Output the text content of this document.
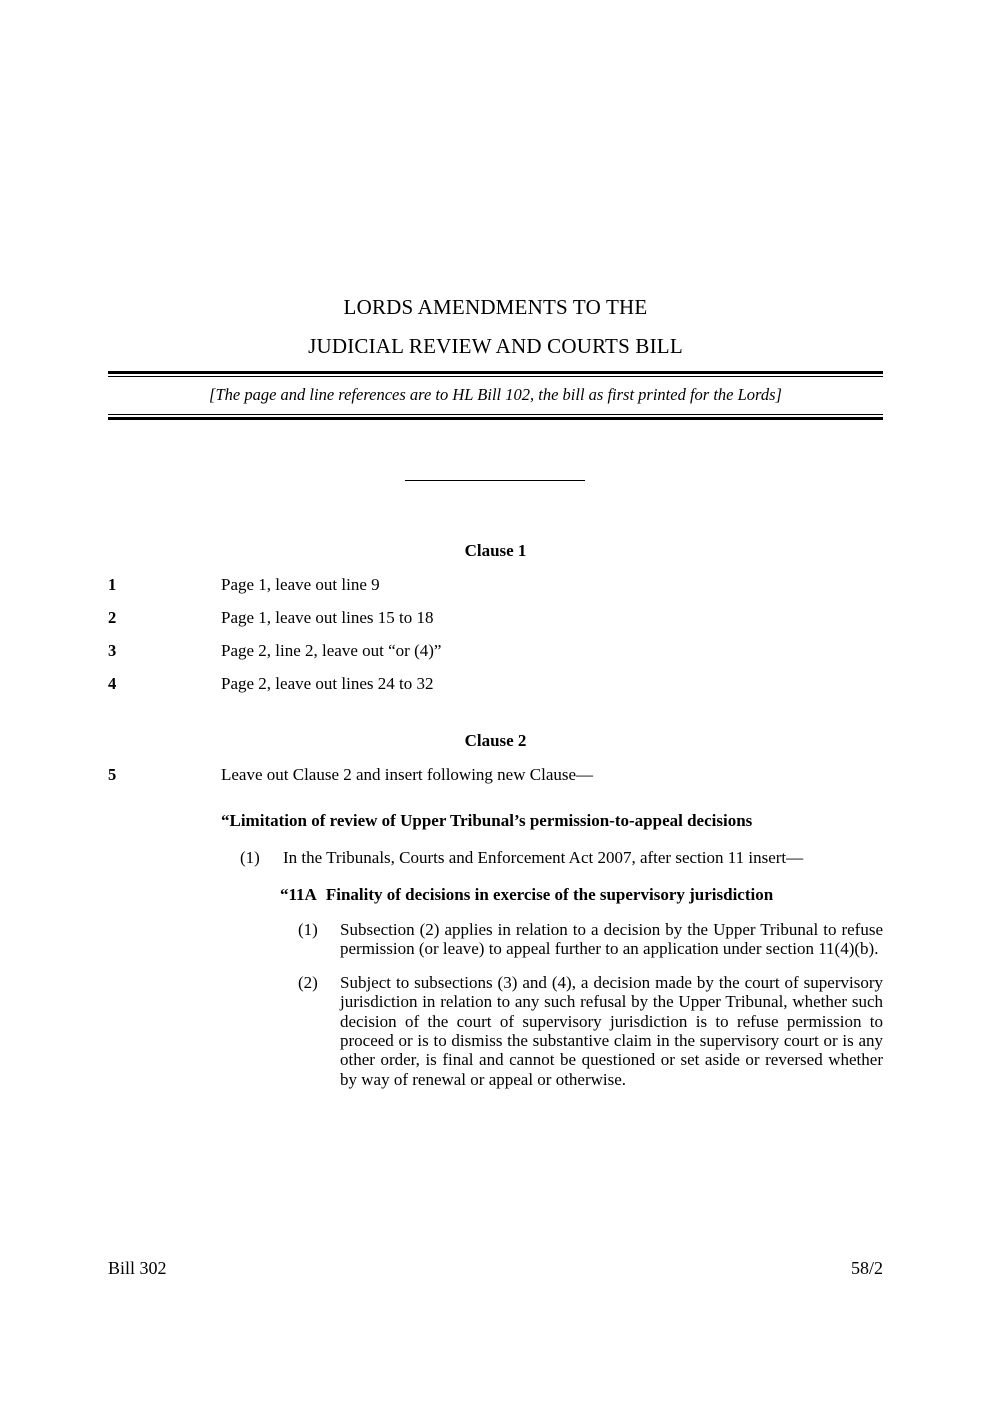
LORDS AMENDMENTS TO THE
JUDICIAL REVIEW AND COURTS BILL
[The page and line references are to HL Bill 102, the bill as first printed for the Lords]
Clause 1
1	Page 1, leave out line 9
2	Page 1, leave out lines 15 to 18
3	Page 2, line 2, leave out “or (4)”
4	Page 2, leave out lines 24 to 32
Clause 2
5	Leave out Clause 2 and insert following new Clause—
“Limitation of review of Upper Tribunal’s permission-to-appeal decisions
(1) In the Tribunals, Courts and Enforcement Act 2007, after section 11 insert—
“11A Finality of decisions in exercise of the supervisory jurisdiction
(1) Subsection (2) applies in relation to a decision by the Upper Tribunal to refuse permission (or leave) to appeal further to an application under section 11(4)(b).
(2) Subject to subsections (3) and (4), a decision made by the court of supervisory jurisdiction in relation to any such refusal by the Upper Tribunal, whether such decision of the court of supervisory jurisdiction is to refuse permission to proceed or is to dismiss the substantive claim in the supervisory court or is any other order, is final and cannot be questioned or set aside or reversed whether by way of renewal or appeal or otherwise.
Bill 302	58/2
